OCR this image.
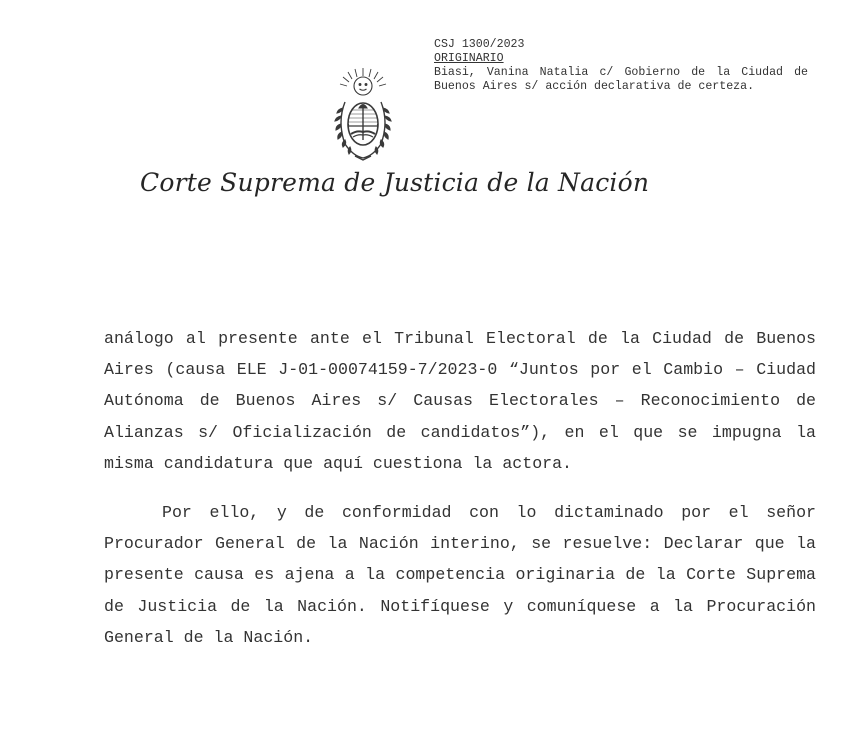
CSJ 1300/2023
ORIGINARIO
Biasi, Vanina Natalia c/ Gobierno de la Ciudad de Buenos Aires s/ acción declarativa de certeza.
Corte Suprema de Justicia de la Nación

análogo al presente ante el Tribunal Electoral de la Ciudad de Buenos Aires (causa ELE J-01-00074159-7/2023-0 “Juntos por el Cambio – Ciudad Autónoma de Buenos Aires s/ Causas Electorales – Reconocimiento de Alianzas s/ Oficialización de candidatos”), en el que se impugna la misma candidatura que aquí cuestiona la actora.

Por ello, y de conformidad con lo dictaminado por el señor Procurador General de la Nación interino, se resuelve: Declarar que la presente causa es ajena a la competencia originaria de la Corte Suprema de Justicia de la Nación. Notifíquese y comuníquese a la Procuración General de la Nación.
